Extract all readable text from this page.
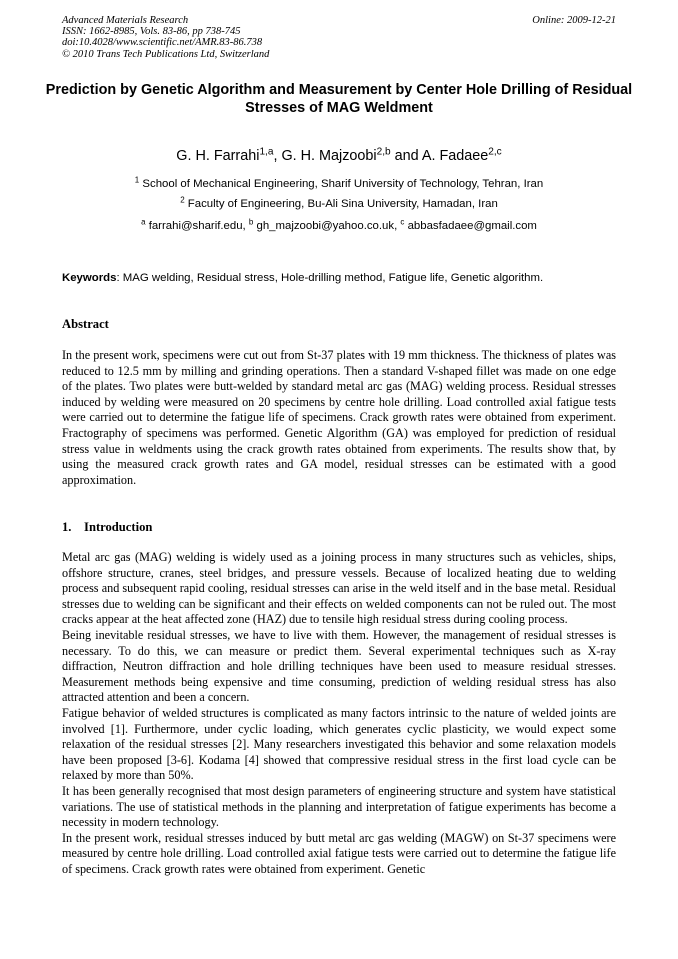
Advanced Materials Research
ISSN: 1662-8985, Vols. 83-86, pp 738-745
doi:10.4028/www.scientific.net/AMR.83-86.738
© 2010 Trans Tech Publications Ltd, Switzerland
Online: 2009-12-21
Prediction by Genetic Algorithm and Measurement by Center Hole Drilling of Residual Stresses of MAG Weldment
G. H. Farrahi$^{1,a}$, G. H. Majzoobi$^{2,b}$ and A. Fadaee$^{2,c}$
$^1$ School of Mechanical Engineering, Sharif University of Technology, Tehran, Iran
$^2$ Faculty of Engineering, Bu-Ali Sina University, Hamadan, Iran
$^a$ farrahi@sharif.edu, $^b$ gh_majzoobi@yahoo.co.uk, $^c$ abbasfadaee@gmail.com
Keywords: MAG welding, Residual stress, Hole-drilling method, Fatigue life, Genetic algorithm.
Abstract
In the present work, specimens were cut out from St-37 plates with 19 mm thickness. The thickness of plates was reduced to 12.5 mm by milling and grinding operations. Then a standard V-shaped fillet was made on one edge of the plates. Two plates were butt-welded by standard metal arc gas (MAG) welding process. Residual stresses induced by welding were measured on 20 specimens by centre hole drilling. Load controlled axial fatigue tests were carried out to determine the fatigue life of specimens. Crack growth rates were obtained from experiment. Fractography of specimens was performed. Genetic Algorithm (GA) was employed for prediction of residual stress value in weldments using the crack growth rates obtained from experiments. The results show that, by using the measured crack growth rates and GA model, residual stresses can be estimated with a good approximation.
1.    Introduction
Metal arc gas (MAG) welding is widely used as a joining process in many structures such as vehicles, ships, offshore structure, cranes, steel bridges, and pressure vessels. Because of localized heating due to welding process and subsequent rapid cooling, residual stresses can arise in the weld itself and in the base metal. Residual stresses due to welding can be significant and their effects on welded components can not be ruled out. The most cracks appear at the heat affected zone (HAZ) due to tensile high residual stress during cooling process.
Being inevitable residual stresses, we have to live with them. However, the management of residual stresses is necessary. To do this, we can measure or predict them. Several experimental techniques such as X-ray diffraction, Neutron diffraction and hole drilling techniques have been used to measure residual stresses. Measurement methods being expensive and time consuming, prediction of welding residual stress has also attracted attention and been a concern.
Fatigue behavior of welded structures is complicated as many factors intrinsic to the nature of welded joints are involved [1]. Furthermore, under cyclic loading, which generates cyclic plasticity, we would expect some relaxation of the residual stresses [2]. Many researchers investigated this behavior and some relaxation models have been proposed [3-6]. Kodama [4] showed that compressive residual stress in the first load cycle can be relaxed by more than 50%.
It has been generally recognised that most design parameters of engineering structure and system have statistical variations. The use of statistical methods in the planning and interpretation of fatigue experiments has become a necessity in modern technology.
In the present work, residual stresses induced by butt metal arc gas welding (MAGW) on St-37 specimens were measured by centre hole drilling. Load controlled axial fatigue tests were carried out to determine the fatigue life of specimens. Crack growth rates were obtained from experiment. Genetic
